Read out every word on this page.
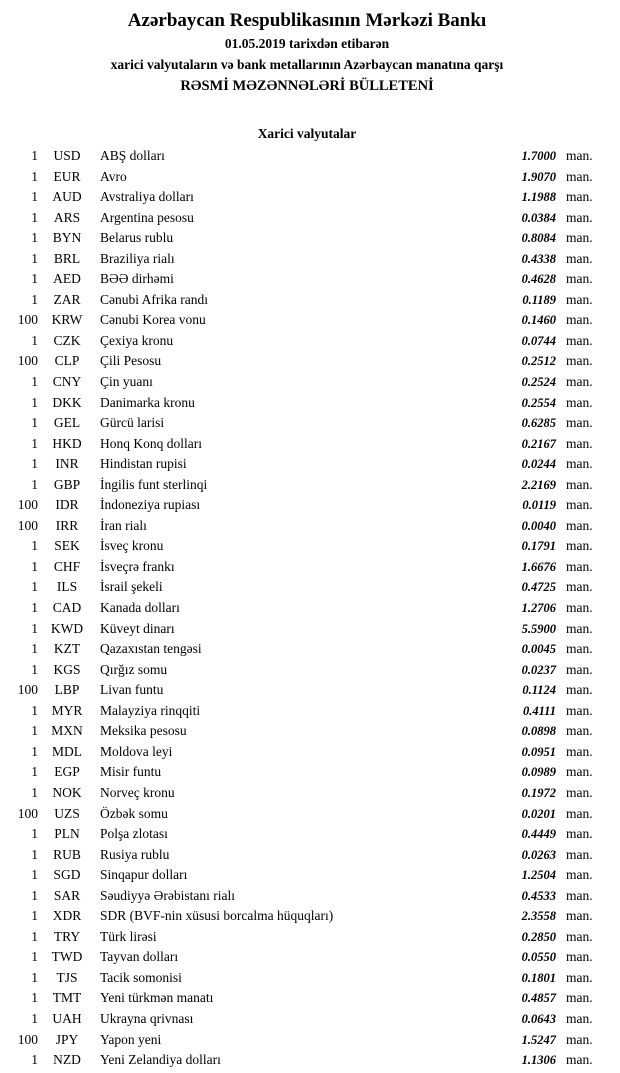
Azərbaycan Respublikasının Mərkəzi Bankı
01.05.2019 tarixdən etibarən
xarici valyutaların və bank metallarının Azərbaycan manatına qarşı
RƏSMİ MƏZƏNNƏLƏRİ BÜLLETENİ
Xarici valyutalar
1	USD	ABŞ dolları	1.7000 man.
1	EUR	Avro	1.9070 man.
1	AUD	Avstraliya dolları	1.1988 man.
1	ARS	Argentina pesosu	0.0384 man.
1	BYN	Belarus rublu	0.8084 man.
1	BRL	Braziliya rialı	0.4338 man.
1	AED	BƏƏ dirhəmi	0.4628 man.
1	ZAR	Cənubi Afrika randı	0.1189 man.
100	KRW	Cənubi Korea vonu	0.1460 man.
1	CZK	Çexiya kronu	0.0744 man.
100	CLP	Çili Pesosu	0.2512 man.
1	CNY	Çin yuanı	0.2524 man.
1	DKK	Danimarka kronu	0.2554 man.
1	GEL	Gürcü larisi	0.6285 man.
1	HKD	Honq Konq dolları	0.2167 man.
1	INR	Hindistan rupisi	0.0244 man.
1	GBP	İngilis funt sterlinqi	2.2169 man.
100	IDR	İndoneziya rupiası	0.0119 man.
100	IRR	İran rialı	0.0040 man.
1	SEK	İsveç kronu	0.1791 man.
1	CHF	İsveçrə frankı	1.6676 man.
1	ILS	İsrail şekeli	0.4725 man.
1	CAD	Kanada dolları	1.2706 man.
1 KWD	Küveyt dinarı	5.5900 man.
1	KZT	Qazaxıstan tengəsi	0.0045 man.
1	KGS	Qırğız somu	0.0237 man.
100	LBP	Livan funtu	0.1124 man.
1	MYR	Malayziya rinqqiti	0.4111 man.
1 MXN	Meksika pesosu	0.0898 man.
1	MDL	Moldova leyi	0.0951 man.
1	EGP	Misir funtu	0.0989 man.
1	NOK	Norveç kronu	0.1972 man.
100	UZS	Özbək somu	0.0201 man.
1	PLN	Polşa zlotası	0.4449 man.
1	RUB	Rusiya rublu	0.0263 man.
1	SGD	Sinqapur dolları	1.2504 man.
1	SAR	Səudiyyə Ərəbistanı rialı	0.4533 man.
1	XDR	SDR (BVF-nin xüsusi borcalma hüquqları)	2.3558 man.
1	TRY	Türk lirəsi	0.2850 man.
1	TWD	Tayvan dolları	0.0550 man.
1	TJS	Tacik somonisi	0.1801 man.
1	TMT	Yeni türkmən manatı	0.4857 man.
1	UAH	Ukrayna qrivnası	0.0643 man.
100	JPY	Yapon yeni	1.5247 man.
1	NZD	Yeni Zelandiya dolları	1.1306 man.
